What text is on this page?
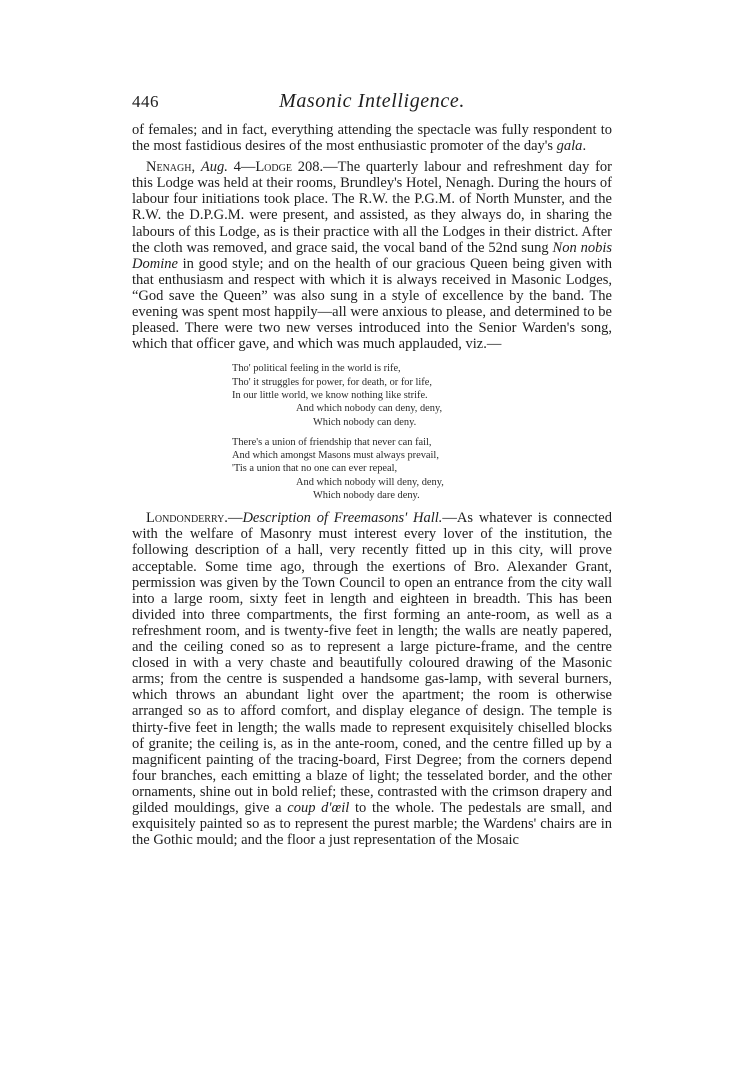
446	Masonic Intelligence.

of females; and in fact, everything attending the spectacle was fully respondent to the most fastidious desires of the most enthusiastic promoter of the day's gala.

Nenagh, Aug. 4—Lodge 208.—The quarterly labour and refreshment day for this Lodge was held at their rooms, Brundley's Hotel, Nenagh. During the hours of labour four initiations took place. The R.W. the P.G.M. of North Munster, and the R.W. the D.P.G.M. were present, and assisted, as they always do, in sharing the labours of this Lodge, as is their practice with all the Lodges in their district. After the cloth was removed, and grace said, the vocal band of the 52nd sung Non nobis Domine in good style; and on the health of our gracious Queen being given with that enthusiasm and respect with which it is always received in Masonic Lodges, “God save the Queen” was also sung in a style of excellence by the band. The evening was spent most happily—all were anxious to please, and determined to be pleased. There were two new verses introduced into the Senior Warden's song, which that officer gave, and which was much applauded, viz.—

Tho' political feeling in the world is rife,
Tho' it struggles for power, for death, or for life,
In our little world, we know nothing like strife.
And which nobody can deny, deny,
Which nobody can deny.
There's a union of friendship that never can fail,
And which amongst Masons must always prevail,
'Tis a union that no one can ever repeal,
And which nobody will deny, deny,
Which nobody dare deny.

Londonderry.—Description of Freemasons' Hall.—As whatever is connected with the welfare of Masonry must interest every lover of the institution, the following description of a hall, very recently fitted up in this city, will prove acceptable. Some time ago, through the exertions of Bro. Alexander Grant, permission was given by the Town Council to open an entrance from the city wall into a large room, sixty feet in length and eighteen in breadth. This has been divided into three compartments, the first forming an ante-room, as well as a refreshment room, and is twenty-five feet in length; the walls are neatly papered, and the ceiling coned so as to represent a large picture-frame, and the centre closed in with a very chaste and beautifully coloured drawing of the Masonic arms; from the centre is suspended a handsome gas-lamp, with several burners, which throws an abundant light over the apartment; the room is otherwise arranged so as to afford comfort, and display elegance of design. The temple is thirty-five feet in length; the walls made to represent exquisitely chiselled blocks of granite; the ceiling is, as in the ante-room, coned, and the centre filled up by a magnificent painting of the tracing-board, First Degree; from the corners depend four branches, each emitting a blaze of light; the tesselated border, and the other ornaments, shine out in bold relief; these, contrasted with the crimson drapery and gilded mouldings, give a coup d'œil to the whole. The pedestals are small, and exquisitely painted so as to represent the purest marble; the Wardens' chairs are in the Gothic mould; and the floor a just representation of the Mosaic
